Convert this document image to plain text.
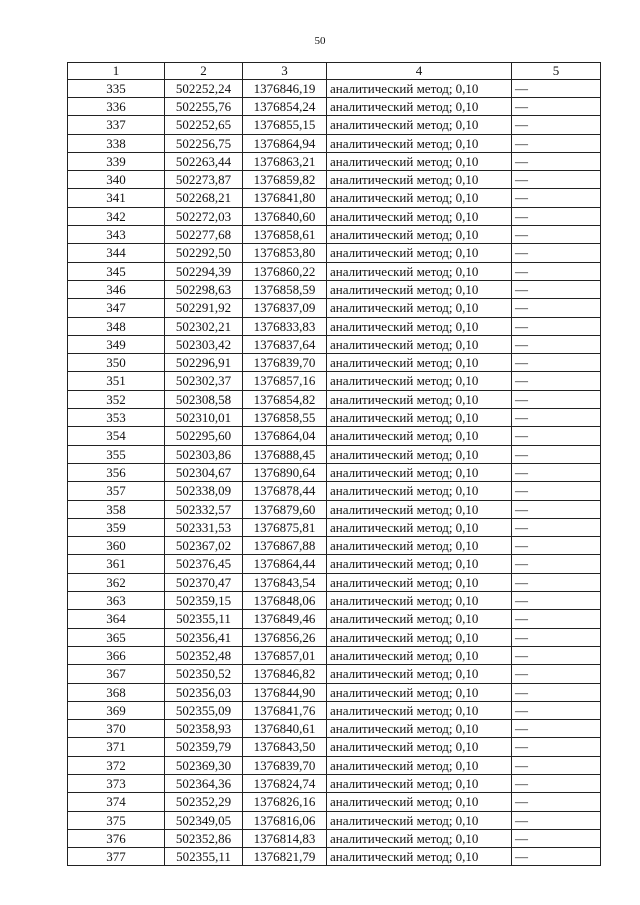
50
1	2	3	4	5
335	502252,24	1376846,19	аналитический метод; 0,10	—
336	502255,76	1376854,24	аналитический метод; 0,10	—
337	502252,65	1376855,15	аналитический метод; 0,10	—
338	502256,75	1376864,94	аналитический метод; 0,10	—
339	502263,44	1376863,21	аналитический метод; 0,10	—
340	502273,87	1376859,82	аналитический метод; 0,10	—
341	502268,21	1376841,80	аналитический метод; 0,10	—
342	502272,03	1376840,60	аналитический метод; 0,10	—
343	502277,68	1376858,61	аналитический метод; 0,10	—
344	502292,50	1376853,80	аналитический метод; 0,10	—
345	502294,39	1376860,22	аналитический метод; 0,10	—
346	502298,63	1376858,59	аналитический метод; 0,10	—
347	502291,92	1376837,09	аналитический метод; 0,10	—
348	502302,21	1376833,83	аналитический метод; 0,10	—
349	502303,42	1376837,64	аналитический метод; 0,10	—
350	502296,91	1376839,70	аналитический метод; 0,10	—
351	502302,37	1376857,16	аналитический метод; 0,10	—
352	502308,58	1376854,82	аналитический метод; 0,10	—
353	502310,01	1376858,55	аналитический метод; 0,10	—
354	502295,60	1376864,04	аналитический метод; 0,10	—
355	502303,86	1376888,45	аналитический метод; 0,10	—
356	502304,67	1376890,64	аналитический метод; 0,10	—
357	502338,09	1376878,44	аналитический метод; 0,10	—
358	502332,57	1376879,60	аналитический метод; 0,10	—
359	502331,53	1376875,81	аналитический метод; 0,10	—
360	502367,02	1376867,88	аналитический метод; 0,10	—
361	502376,45	1376864,44	аналитический метод; 0,10	—
362	502370,47	1376843,54	аналитический метод; 0,10	—
363	502359,15	1376848,06	аналитический метод; 0,10	—
364	502355,11	1376849,46	аналитический метод; 0,10	—
365	502356,41	1376856,26	аналитический метод; 0,10	—
366	502352,48	1376857,01	аналитический метод; 0,10	—
367	502350,52	1376846,82	аналитический метод; 0,10	—
368	502356,03	1376844,90	аналитический метод; 0,10	—
369	502355,09	1376841,76	аналитический метод; 0,10	—
370	502358,93	1376840,61	аналитический метод; 0,10	—
371	502359,79	1376843,50	аналитический метод; 0,10	—
372	502369,30	1376839,70	аналитический метод; 0,10	—
373	502364,36	1376824,74	аналитический метод; 0,10	—
374	502352,29	1376826,16	аналитический метод; 0,10	—
375	502349,05	1376816,06	аналитический метод; 0,10	—
376	502352,86	1376814,83	аналитический метод; 0,10	—
377	502355,11	1376821,79	аналитический метод; 0,10	—
